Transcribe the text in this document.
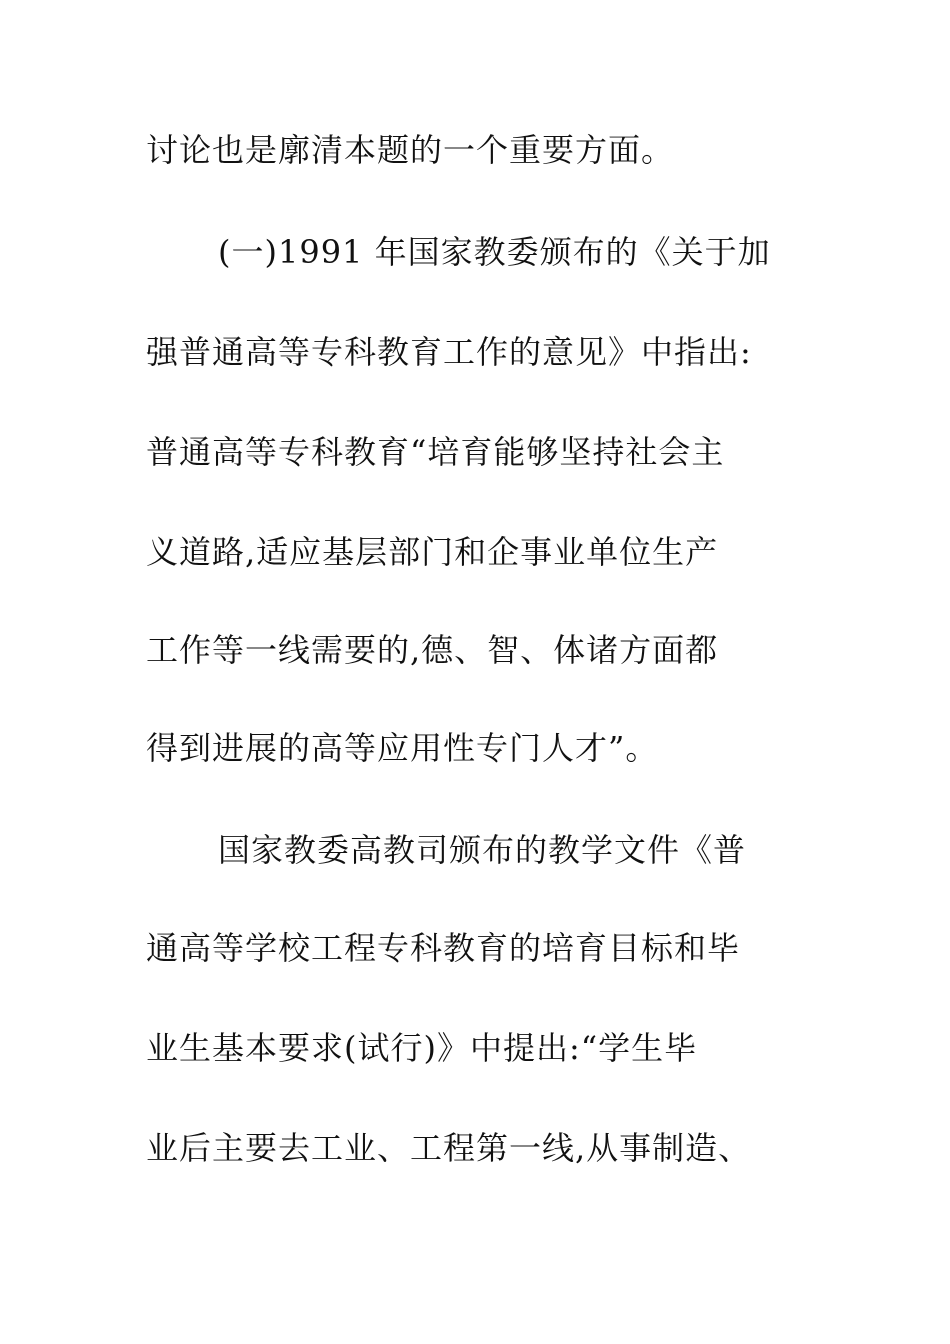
讨论也是廓清本题的一个重要方面。
(一)1991 年国家教委颁布的《关于加
强普通高等专科教育工作的意见》中指出:
普通高等专科教育“培育能够坚持社会主
义道路,适应基层部门和企事业单位生产
工作等一线需要的,德、智、体诸方面都
得到进展的高等应用性专门人才”。
国家教委高教司颁布的教学文件《普
通高等学校工程专科教育的培育目标和毕
业生基本要求(试行)》中提出:“学生毕
业后主要去工业、工程第一线,从事制造、
